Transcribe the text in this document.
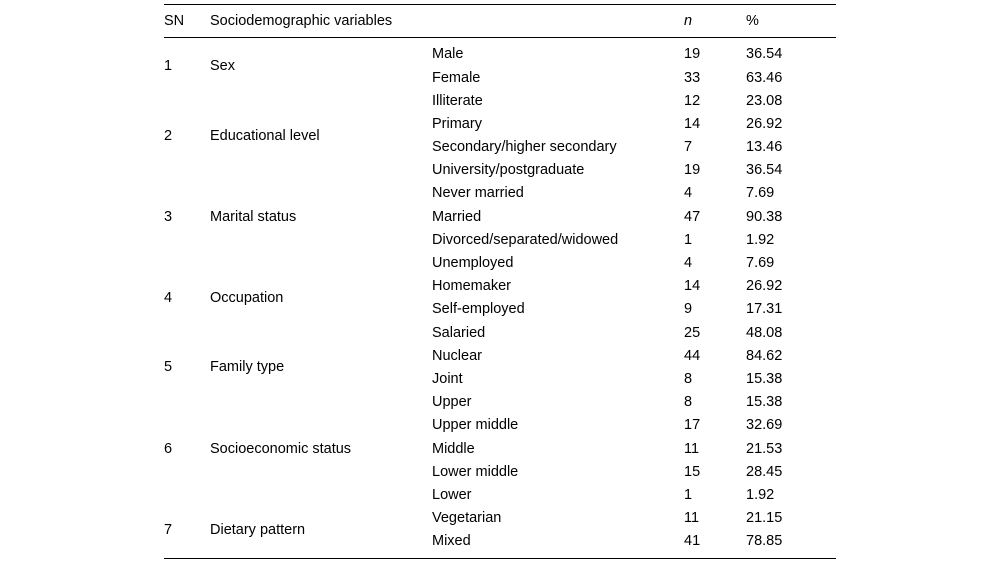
SN	Sociodemographic variables		n	%

1	Sex	Male	19	36.54
		Female	33	63.46
2	Educational level	Illiterate	12	23.08
		Primary	14	26.92
		Secondary/higher secondary	7	13.46
		University/postgraduate	19	36.54
3	Marital status	Never married	4	7.69
		Married	47	90.38
		Divorced/separated/widowed	1	1.92
4	Occupation	Unemployed	4	7.69
		Homemaker	14	26.92
		Self-employed	9	17.31
		Salaried	25	48.08
5	Family type	Nuclear	44	84.62
		Joint	8	15.38
6	Socioeconomic status	Upper	8	15.38
		Upper middle	17	32.69
		Middle	11	21.53
		Lower middle	15	28.45
		Lower	1	1.92
7	Dietary pattern	Vegetarian	11	21.15
		Mixed	41	78.85
